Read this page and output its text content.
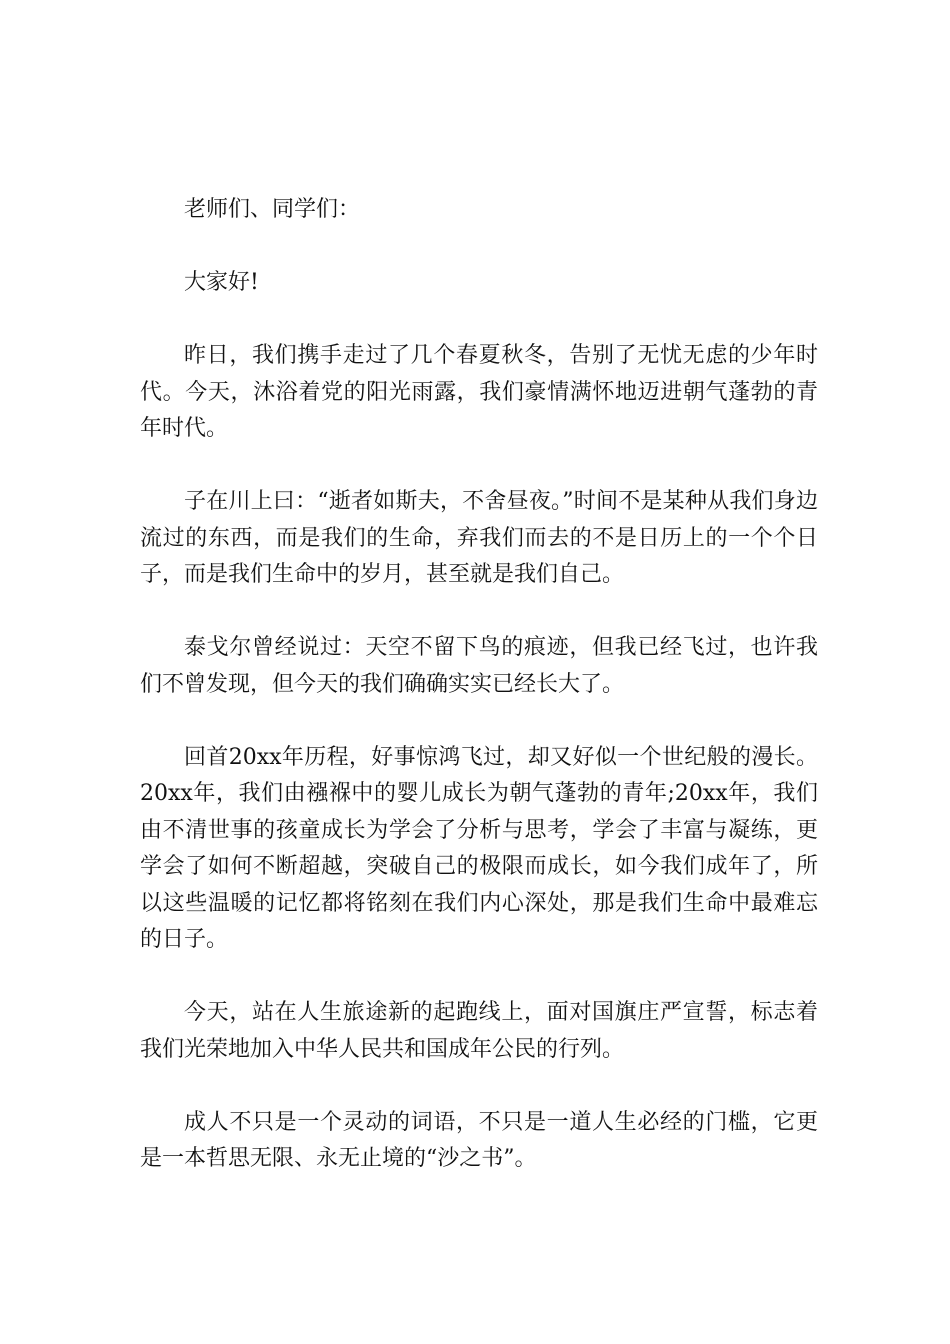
老师们、同学们：

大家好!

昨日，我们携手走过了几个春夏秋冬，告别了无忧无虑的少年时代。今天，沐浴着党的阳光雨露，我们豪情满怀地迈进朝气蓬勃的青年时代。

子在川上曰：“逝者如斯夫，不舍昼夜。”时间不是某种从我们身边流过的东西，而是我们的生命，弃我们而去的不是日历上的一个个日子，而是我们生命中的岁月，甚至就是我们自己。

泰戈尔曾经说过：天空不留下鸟的痕迹，但我已经飞过，也许我们不曾发现，但今天的我们确确实实已经长大了。

回首20xx年历程，好事惊鸿飞过，却又好似一个世纪般的漫长。20xx年，我们由襁褓中的婴儿成长为朝气蓬勃的青年;20xx年，我们由不清世事的孩童成长为学会了分析与思考，学会了丰富与凝练，更学会了如何不断超越，突破自己的极限而成长，如今我们成年了，所以这些温暖的记忆都将铭刻在我们内心深处，那是我们生命中最难忘的日子。

今天，站在人生旅途新的起跑线上，面对国旗庄严宣誓，标志着我们光荣地加入中华人民共和国成年公民的行列。

成人不只是一个灵动的词语，不只是一道人生必经的门槛，它更是一本哲思无限、永无止境的“沙之书”。
